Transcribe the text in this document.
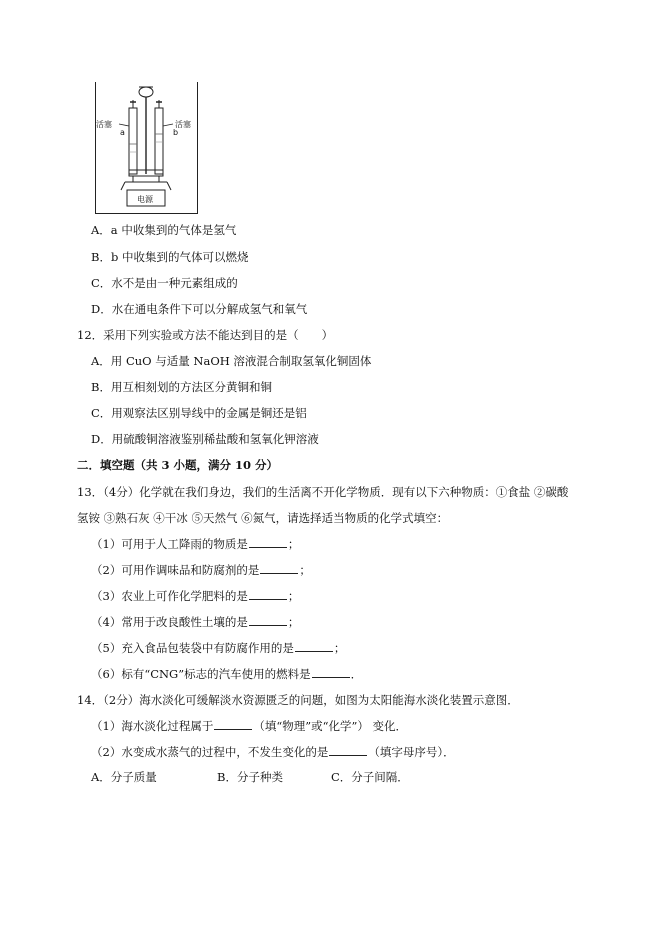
活塞
a
活塞
b
电源
A．a 中收集到的气体是氢气
B．b 中收集到的气体可以燃烧
C．水不是由一种元素组成的
D．水在通电条件下可以分解成氢气和氧气
12．采用下列实验或方法不能达到目的是（　　）
A．用 CuO 与适量 NaOH 溶液混合制取氢氧化铜固体
B．用互相刻划的方法区分黄铜和铜
C．用观察法区别导线中的金属是铜还是铝
D．用硫酸铜溶液鉴别稀盐酸和氢氧化钾溶液
二．填空题（共 3 小题，满分 10 分）
13．（4分）化学就在我们身边，我们的生活离不开化学物质．现有以下六种物质：①食盐 ②碳酸
氢铵 ③熟石灰 ④干冰 ⑤天然气 ⑥氮气，请选择适当物质的化学式填空：
（1）可用于人工降雨的物质是	；
（2）可用作调味品和防腐剂的是	；
（3）农业上可作化学肥料的是	；
（4）常用于改良酸性土壤的是	；
（5）充入食品包装袋中有防腐作用的是	；
（6）标有“CNG”标志的汽车使用的燃料是	．
14．（2分）海水淡化可缓解淡水资源匮乏的问题，如图为太阳能海水淡化装置示意图．
（1）海水淡化过程属于	（填“物理”或“化学”） 变化．
（2）水变成水蒸气的过程中，不发生变化的是	（填字母序号）．
A．分子质量	B．分子种类	C．分子间隔．
